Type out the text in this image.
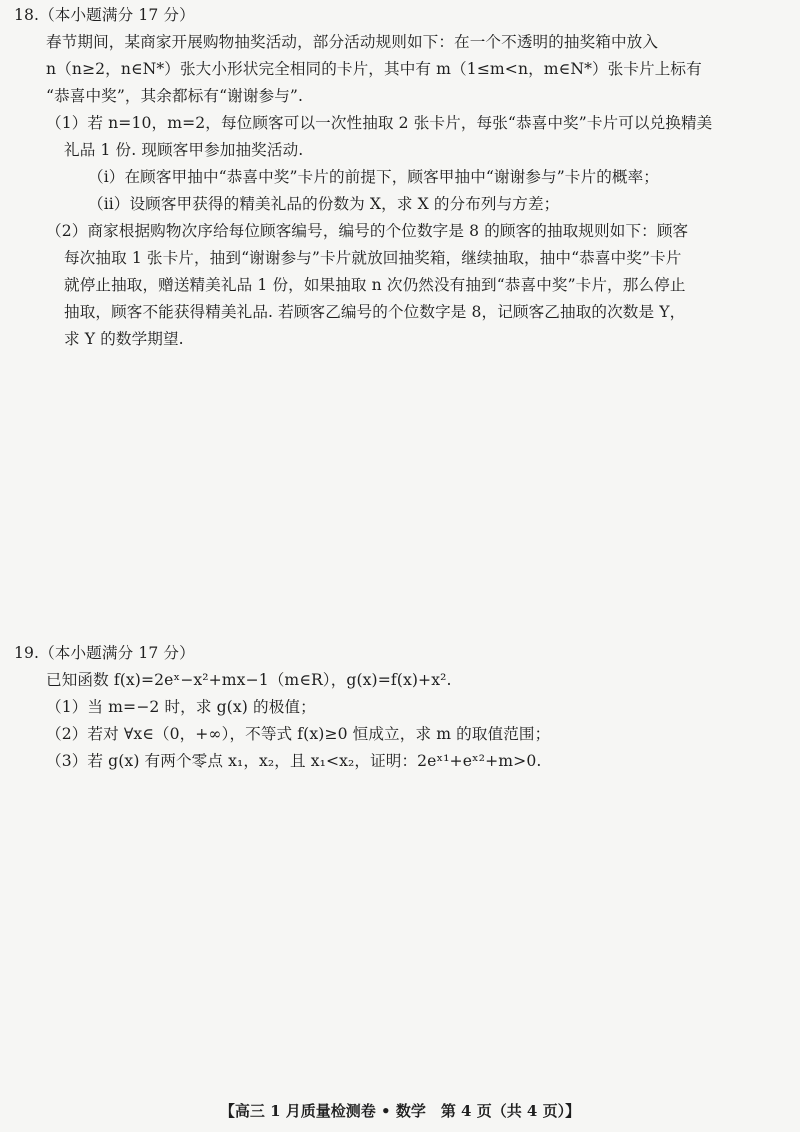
18.（本小题满分 17 分）
春节期间，某商家开展购物抽奖活动，部分活动规则如下：在一个不透明的抽奖箱中放入
n（n≥2，n∈N*）张大小形状完全相同的卡片，其中有 m（1≤m<n，m∈N*）张卡片上标有
“恭喜中奖”，其余都标有“谢谢参与”.
（1）若 n=10，m=2，每位顾客可以一次性抽取 2 张卡片，每张“恭喜中奖”卡片可以兑换精美
礼品 1 份. 现顾客甲参加抽奖活动.
（ⅰ）在顾客甲抽中“恭喜中奖”卡片的前提下，顾客甲抽中“谢谢参与”卡片的概率；
（ⅱ）设顾客甲获得的精美礼品的份数为 X，求 X 的分布列与方差；
（2）商家根据购物次序给每位顾客编号，编号的个位数字是 8 的顾客的抽取规则如下：顾客
每次抽取 1 张卡片，抽到“谢谢参与”卡片就放回抽奖箱，继续抽取，抽中“恭喜中奖”卡片
就停止抽取，赠送精美礼品 1 份，如果抽取 n 次仍然没有抽到“恭喜中奖”卡片，那么停止
抽取，顾客不能获得精美礼品. 若顾客乙编号的个位数字是 8，记顾客乙抽取的次数是 Y，
求 Y 的数学期望.
19.（本小题满分 17 分）
已知函数 f(x)=2eˣ−x²+mx−1（m∈R），g(x)=f(x)+x².
（1）当 m=−2 时，求 g(x) 的极值；
（2）若对 ∀x∈（0，+∞），不等式 f(x)≥0 恒成立，求 m 的取值范围；
（3）若 g(x) 有两个零点 x₁，x₂，且 x₁<x₂，证明：2eˣ¹+eˣ²+m>0.
【高三 1 月质量检测卷 • 数学　第 4 页（共 4 页）】
